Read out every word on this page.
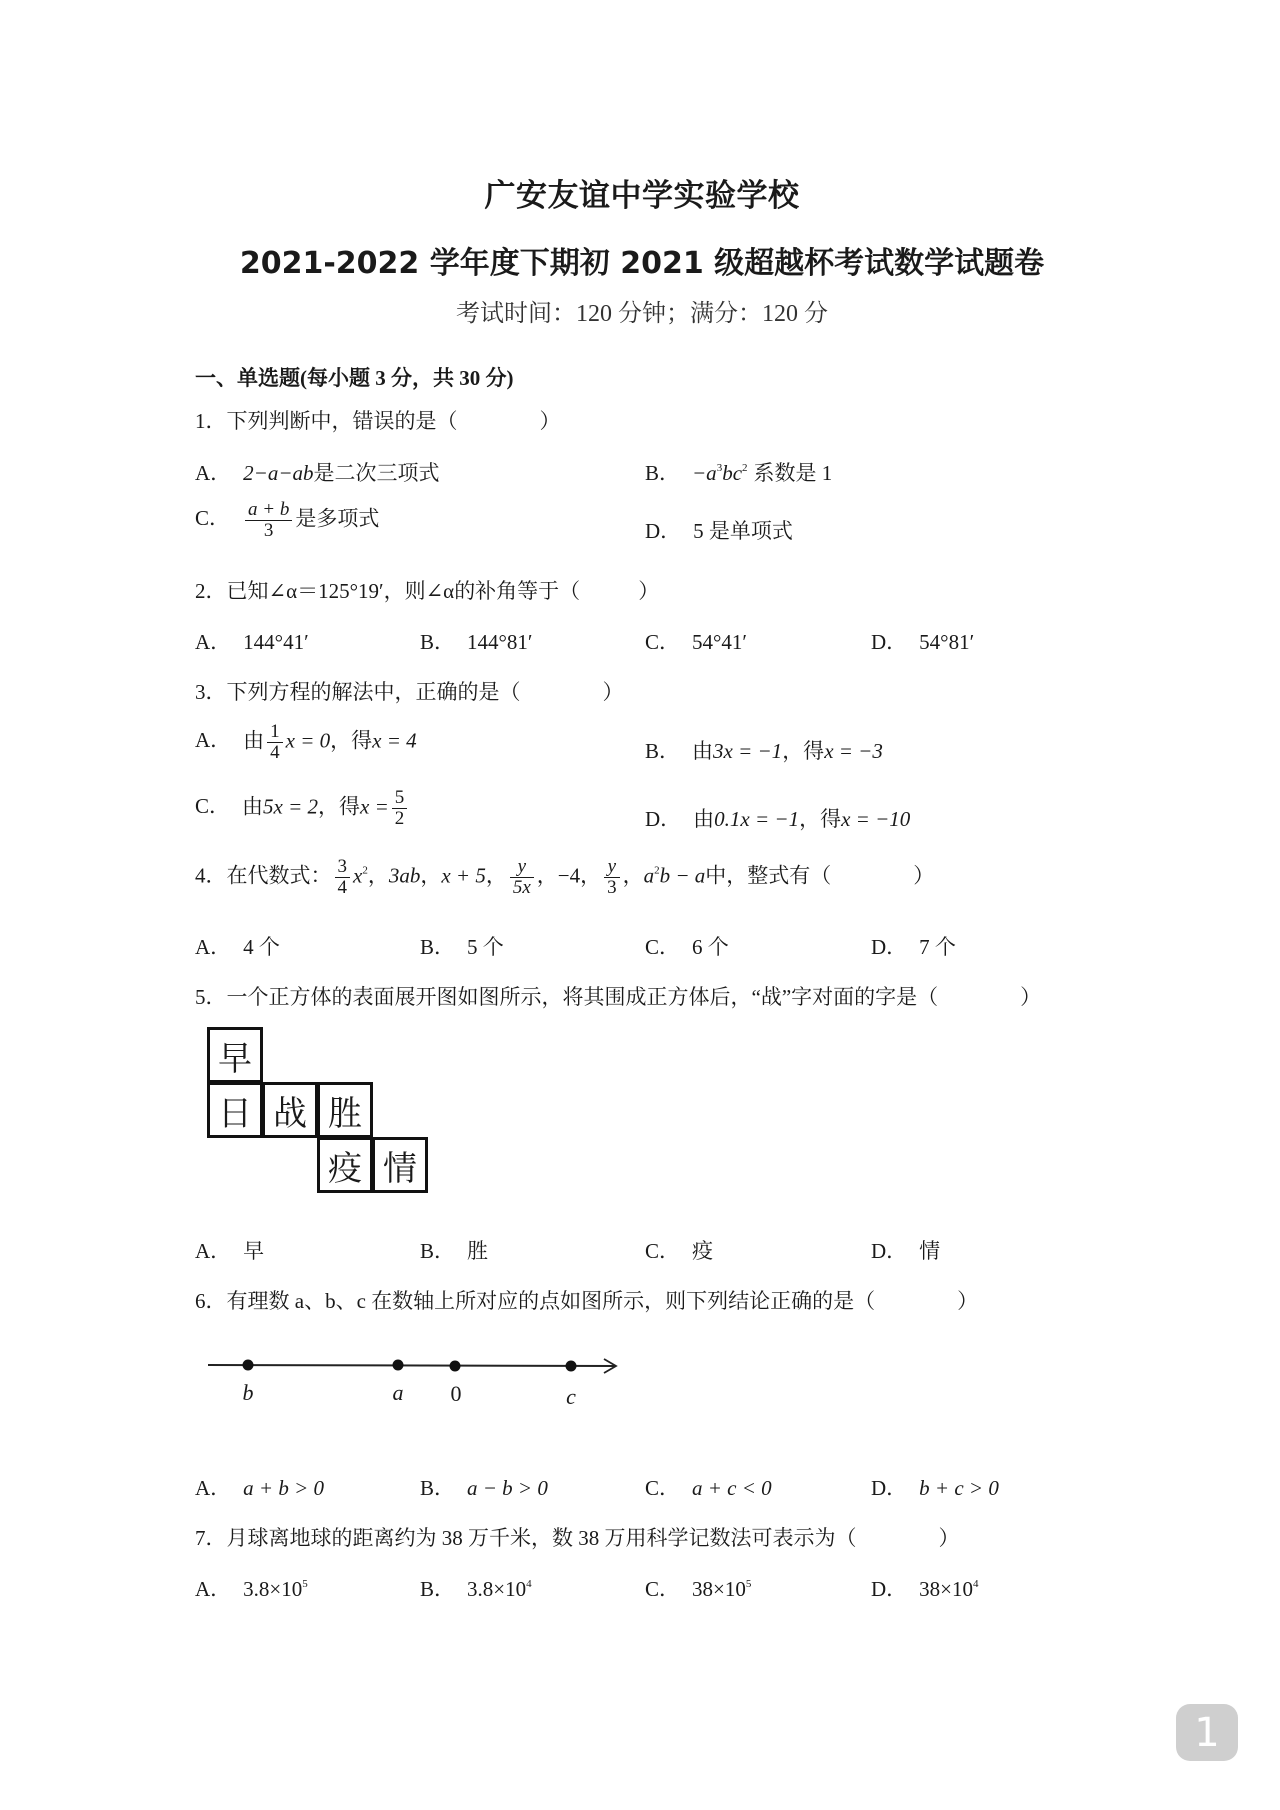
广安友谊中学实验学校
2021-2022 学年度下期初 2021 级超越杯考试数学试题卷
考试时间：120 分钟；满分：120 分
一、单选题(每小题 3 分，共 30 分)
1．下列判断中，错误的是（	）
A． 2−a−ab是二次三项式	B． $-a^3bc^2$ 系数是 1
C． $\frac{a + b}{3}$ 是多项式
D． 5 是单项式
2．已知∠α＝125°19′，则∠α的补角等于（	）
A． 144°41′	B． 144°81′	C． 54°41′	D． 54°81′
3．下列方程的解法中，正确的是（	）
A． 由 $\frac{1}{4}$ x = 0，得x = 4	B． 由3x = −1，得x = −3
C． 由5x = 2，得$x = \frac{5}{2}$	D． 由0.1x = −1，得x = −10
4．在代数式： $\frac{3}{4} x^2$，3ab，x + 5， $\frac{y}{5x}$ ，−4， $\frac{y}{3}$ ，$a^2b - a$中，整式有（	）
A． 4 个	B． 5 个	C． 6 个	D． 7 个
5．一个正方体的表面展开图如图所示，将其围成正方体后，“战”字对面的字是（	）
早
日 战 胜
疫 情
A． 早	B． 胜	C． 疫	D． 情
6．有理数 a、b、c 在数轴上所对应的点如图所示，则下列结论正确的是（	）
b	a 0	c
A． a + b > 0	B． a − b > 0	C． a + c < 0	D． b + c > 0
7．月球离地球的距离约为 38 万千米，数 38 万用科学记数法可表示为（	）
A． $3.8\times 10^5$	B． $3.8\times 10^4$	C． $38\times 10^5$	D． $38\times 10^4$
1
